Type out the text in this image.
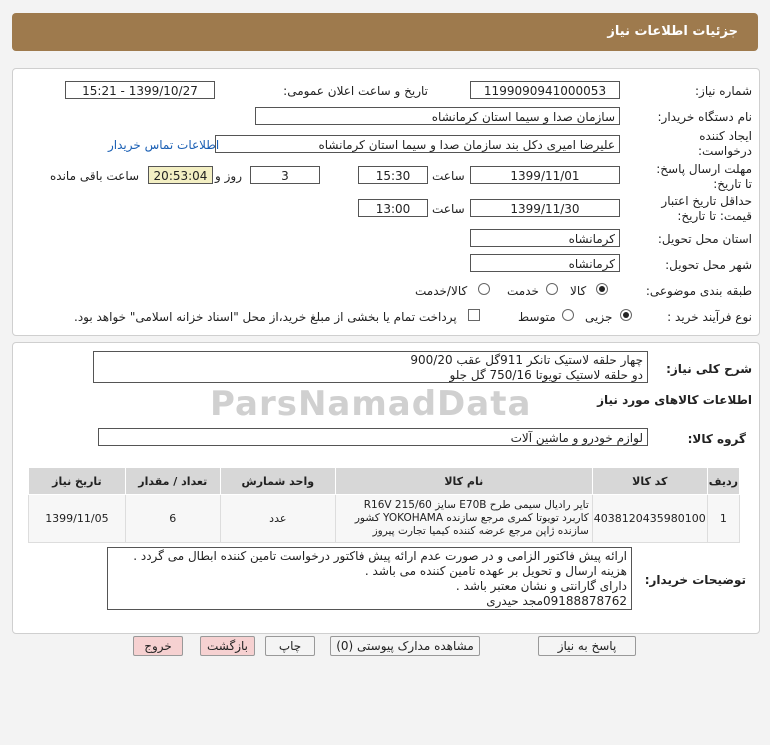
جزئیات اطلاعات نیاز
شماره نیاز:
1199090941000053
تاریخ و ساعت اعلان عمومی:
1399/10/27 - 15:21
نام دستگاه خریدار:
سازمان صدا و سیما استان کرمانشاه
ایجاد کننده درخواست:
علیرضا امیری دکل بند سازمان صدا و سیما استان کرمانشاه
اطلاعات تماس خریدار
مهلت ارسال پاسخ: تا تاریخ:
1399/11/01
ساعت
15:30
3
روز و
20:53:04
ساعت باقی مانده
حداقل تاریخ اعتبار قیمت: تا تاریخ:
1399/11/30
ساعت
13:00
استان محل تحویل:
کرمانشاه
شهر محل تحویل:
کرمانشاه
طبقه بندی موضوعی:
کالا
خدمت
کالا/خدمت
نوع فرآیند خرید :
جزیی
متوسط
پرداخت تمام یا بخشی از مبلغ خرید،از محل "اسناد خزانه اسلامی" خواهد بود.
ParsNamadData
شرح کلی نیاز:
چهار حلقه لاستیک تانکر 911گل عقب 900/20
دو حلقه لاستیک تویوتا 750/16 گل جلو
اطلاعات کالاهای مورد نیاز
گروه کالا:
لوازم خودرو و ماشین آلات
ردیف	کد کالا	نام کالا	واحد شمارش	تعداد / مقدار	تاریخ نیاز
1	4038120435980100	تایر رادیال سیمی طرح E70B سایز R16V 215/60 کاربرد تویوتا کمری مرجع سازنده YOKOHAMA کشور سازنده ژاپن مرجع عرضه کننده کیمیا تجارت پیروز	عدد	6	1399/11/05
توضیحات خریدار:
ارائه پیش فاکتور الزامی و در صورت عدم ارائه پیش فاکتور درخواست تامین کننده ابطال می گردد .
هزینه ارسال و تحویل بر عهده تامین کننده می باشد .
دارای گارانتی و نشان معتبر باشد .
09188878762مجد حیدری
پاسخ به نیاز
مشاهده مدارک پیوستی (0)
چاپ
بازگشت
خروج
